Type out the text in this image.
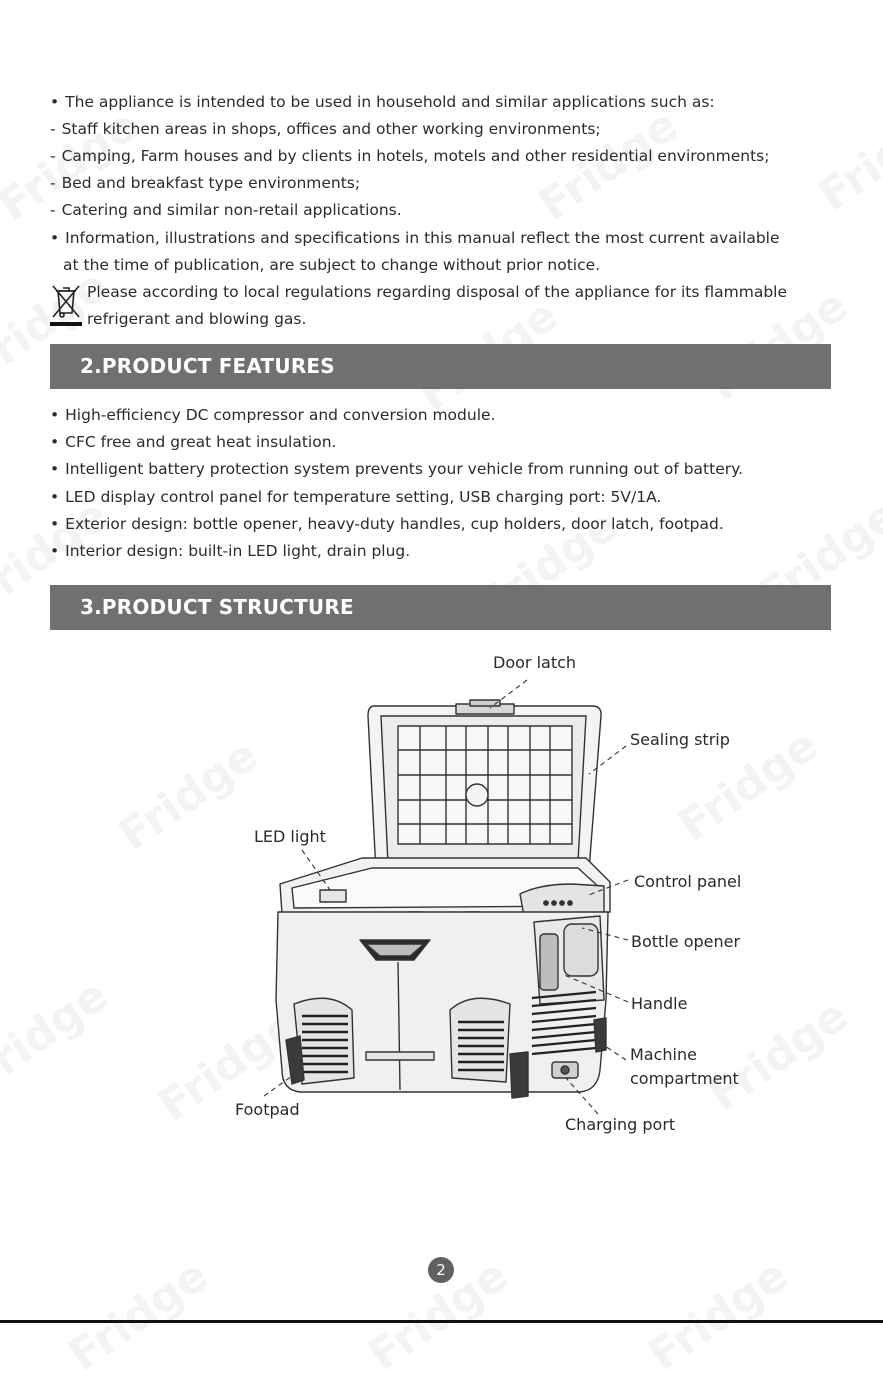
• The appliance is intended to be used in household and similar applications such as:
- Staff kitchen areas in shops, offices and other working environments;
- Camping, Farm houses and by clients in hotels, motels and other residential environments;
- Bed and breakfast type environments;
- Catering and similar non-retail applications.
• Information, illustrations and specifications in this manual reflect the most current available
at the time of publication, are subject to change without prior notice.
Please according to local regulations regarding disposal of the appliance for its flammable
refrigerant and blowing gas.
2.PRODUCT FEATURES
• High-efficiency DC compressor and conversion module.
• CFC free and great heat insulation.
• Intelligent battery protection system prevents your vehicle from running out of battery.
• LED display control panel for temperature setting, USB charging port: 5V/1A.
• Exterior design: bottle opener, heavy-duty handles, cup holders, door latch, footpad.
• Interior design: built-in LED light, drain plug.
3.PRODUCT STRUCTURE
Door latch
Sealing strip
LED light
Control panel
Bottle opener
Handle
Machine
compartment
Footpad
Charging port
2
